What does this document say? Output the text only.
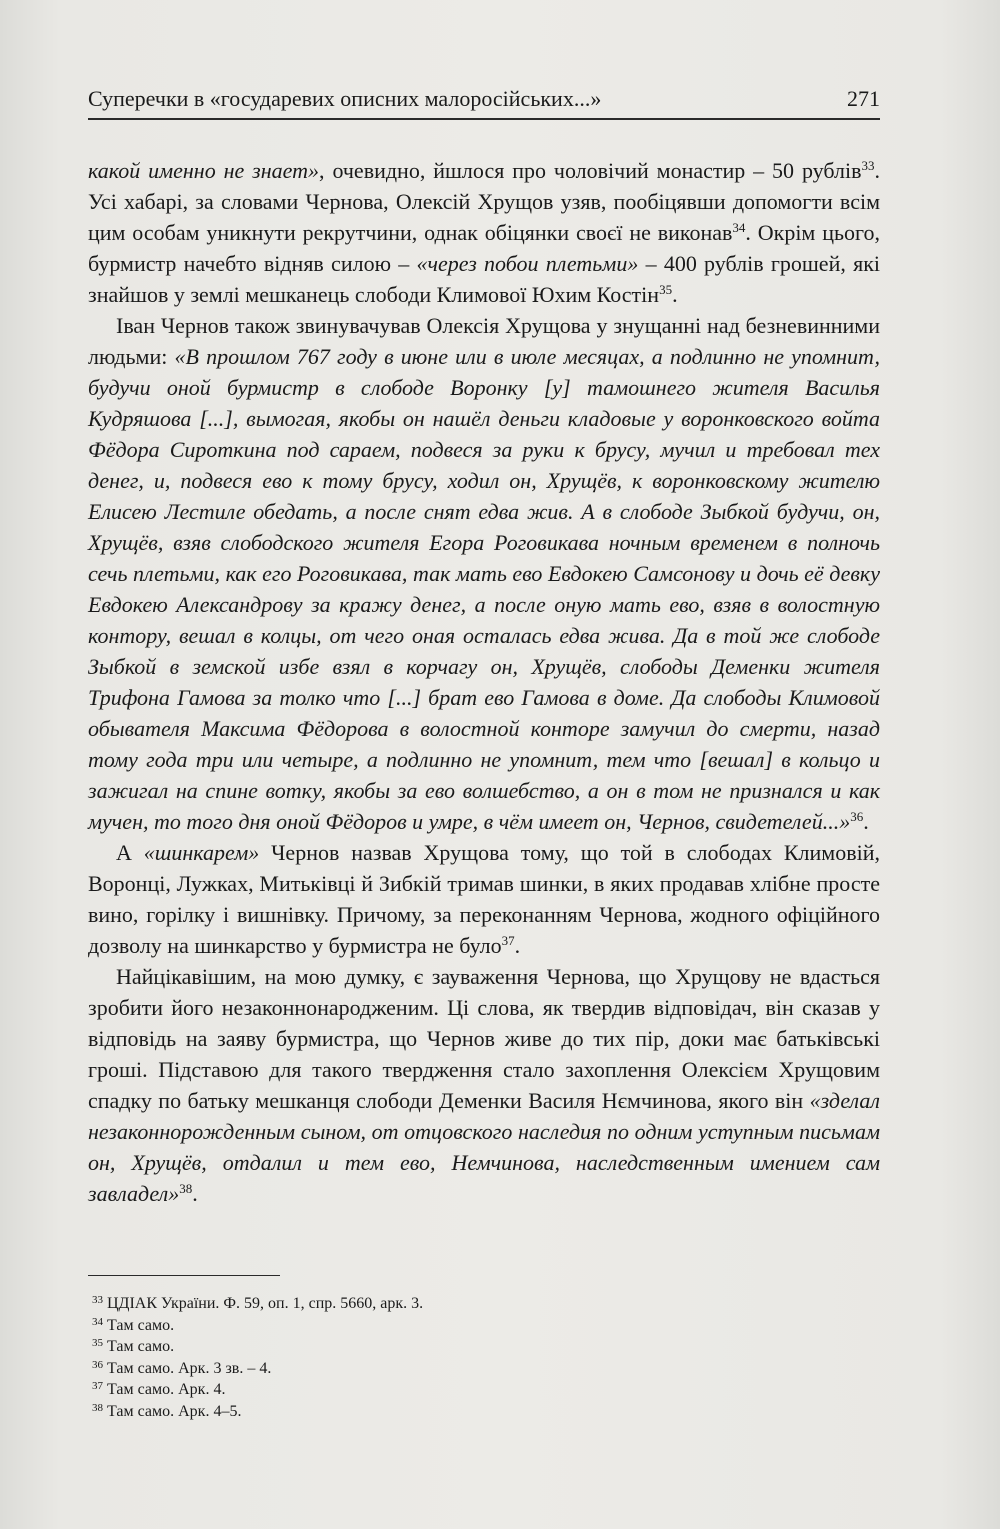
Суперечки в «государевих описних малоросійських...»	271

какой именно не знает», очевидно, йшлося про чоловічий монастир – 50 рублів$^{33}$. Усі хабарі, за словами Чернова, Олексій Хрущов узяв, пообіцявши допомогти всім цим особам уникнути рекрутчини, однак обіцянки своєї не виконав$^{34}$. Окрім цього, бурмистр начебто відняв силою – «через побои плетьми» – 400 рублів грошей, які знайшов у землі мешканець слободи Климової Юхим Костін$^{35}$.

Іван Чернов також звинувачував Олексія Хрущова у знущанні над безневинними людьми: «В прошлом 767 году в июне или в июле месяцах, а подлинно не упомнит, будучи оной бурмистр в слободе Воронку [у] тамошнего жителя Василья Кудряшова [...], вымогая, якобы он нашёл деньги кладовые у воронковского войта Фёдора Сироткина под сараем, подвеся за руки к брусу, мучил и требовал тех денег, и, подвеся ево к тому брусу, ходил он, Хрущёв, к воронковскому жителю Елисею Лестиле обедать, а после снят едва жив. А в слободе Зыбкой будучи, он, Хрущёв, взяв слободского жителя Егора Роговикава ночным временем в полночь сечь плетьми, как его Роговикава, так мать ево Евдокею Самсонову и дочь её девку Евдокею Александрову за кражу денег, а после оную мать ево, взяв в волостную контору, вешал в колцы, от чего оная осталась едва жива. Да в той же слободе Зыбкой в земской избе взял в корчагу он, Хрущёв, слободы Деменки жителя Трифона Гамова за толко что [...] брат ево Гамова в доме. Да слободы Климовой обывателя Максима Фёдорова в волостной конторе замучил до смерти, назад тому года три или четыре, а подлинно не упомнит, тем что [вешал] в кольцо и зажигал на спине вотку, якобы за ево волшебство, а он в том не признался и как мучен, то того дня оной Фёдоров и умре, в чём имеет он, Чернов, свидетелей...»$^{36}$.

А «шинкарем» Чернов назвав Хрущова тому, що той в слободах Климовій, Воронці, Лужках, Митьківці й Зибкій тримав шинки, в яких продавав хлібне просте вино, горілку і вишнівку. Причому, за переконанням Чернова, жодного офіційного дозволу на шинкарство у бурмистра не було$^{37}$.

Найцікавішим, на мою думку, є зауваження Чернова, що Хрущову не вдасться зробити його незаконнонародженим. Ці слова, як твердив відповідач, він сказав у відповідь на заяву бурмистра, що Чернов живе до тих пір, доки має батьківські гроші. Підставою для такого твердження стало захоплення Олексієм Хрущовим спадку по батьку мешканця слободи Деменки Василя Нємчинова, якого він «зделал незаконнорожденным сыном, от отцовского наследия по одним уступным письмам он, Хрущёв, отдалил и тем ево, Немчинова, наследственным имением сам завладел»$^{38}$.

$^{33}$ ЦДІАК України. Ф. 59, оп. 1, спр. 5660, арк. 3.
$^{34}$ Там само.
$^{35}$ Там само.
$^{36}$ Там само. Арк. 3 зв. – 4.
$^{37}$ Там само. Арк. 4.
$^{38}$ Там само. Арк. 4–5.
